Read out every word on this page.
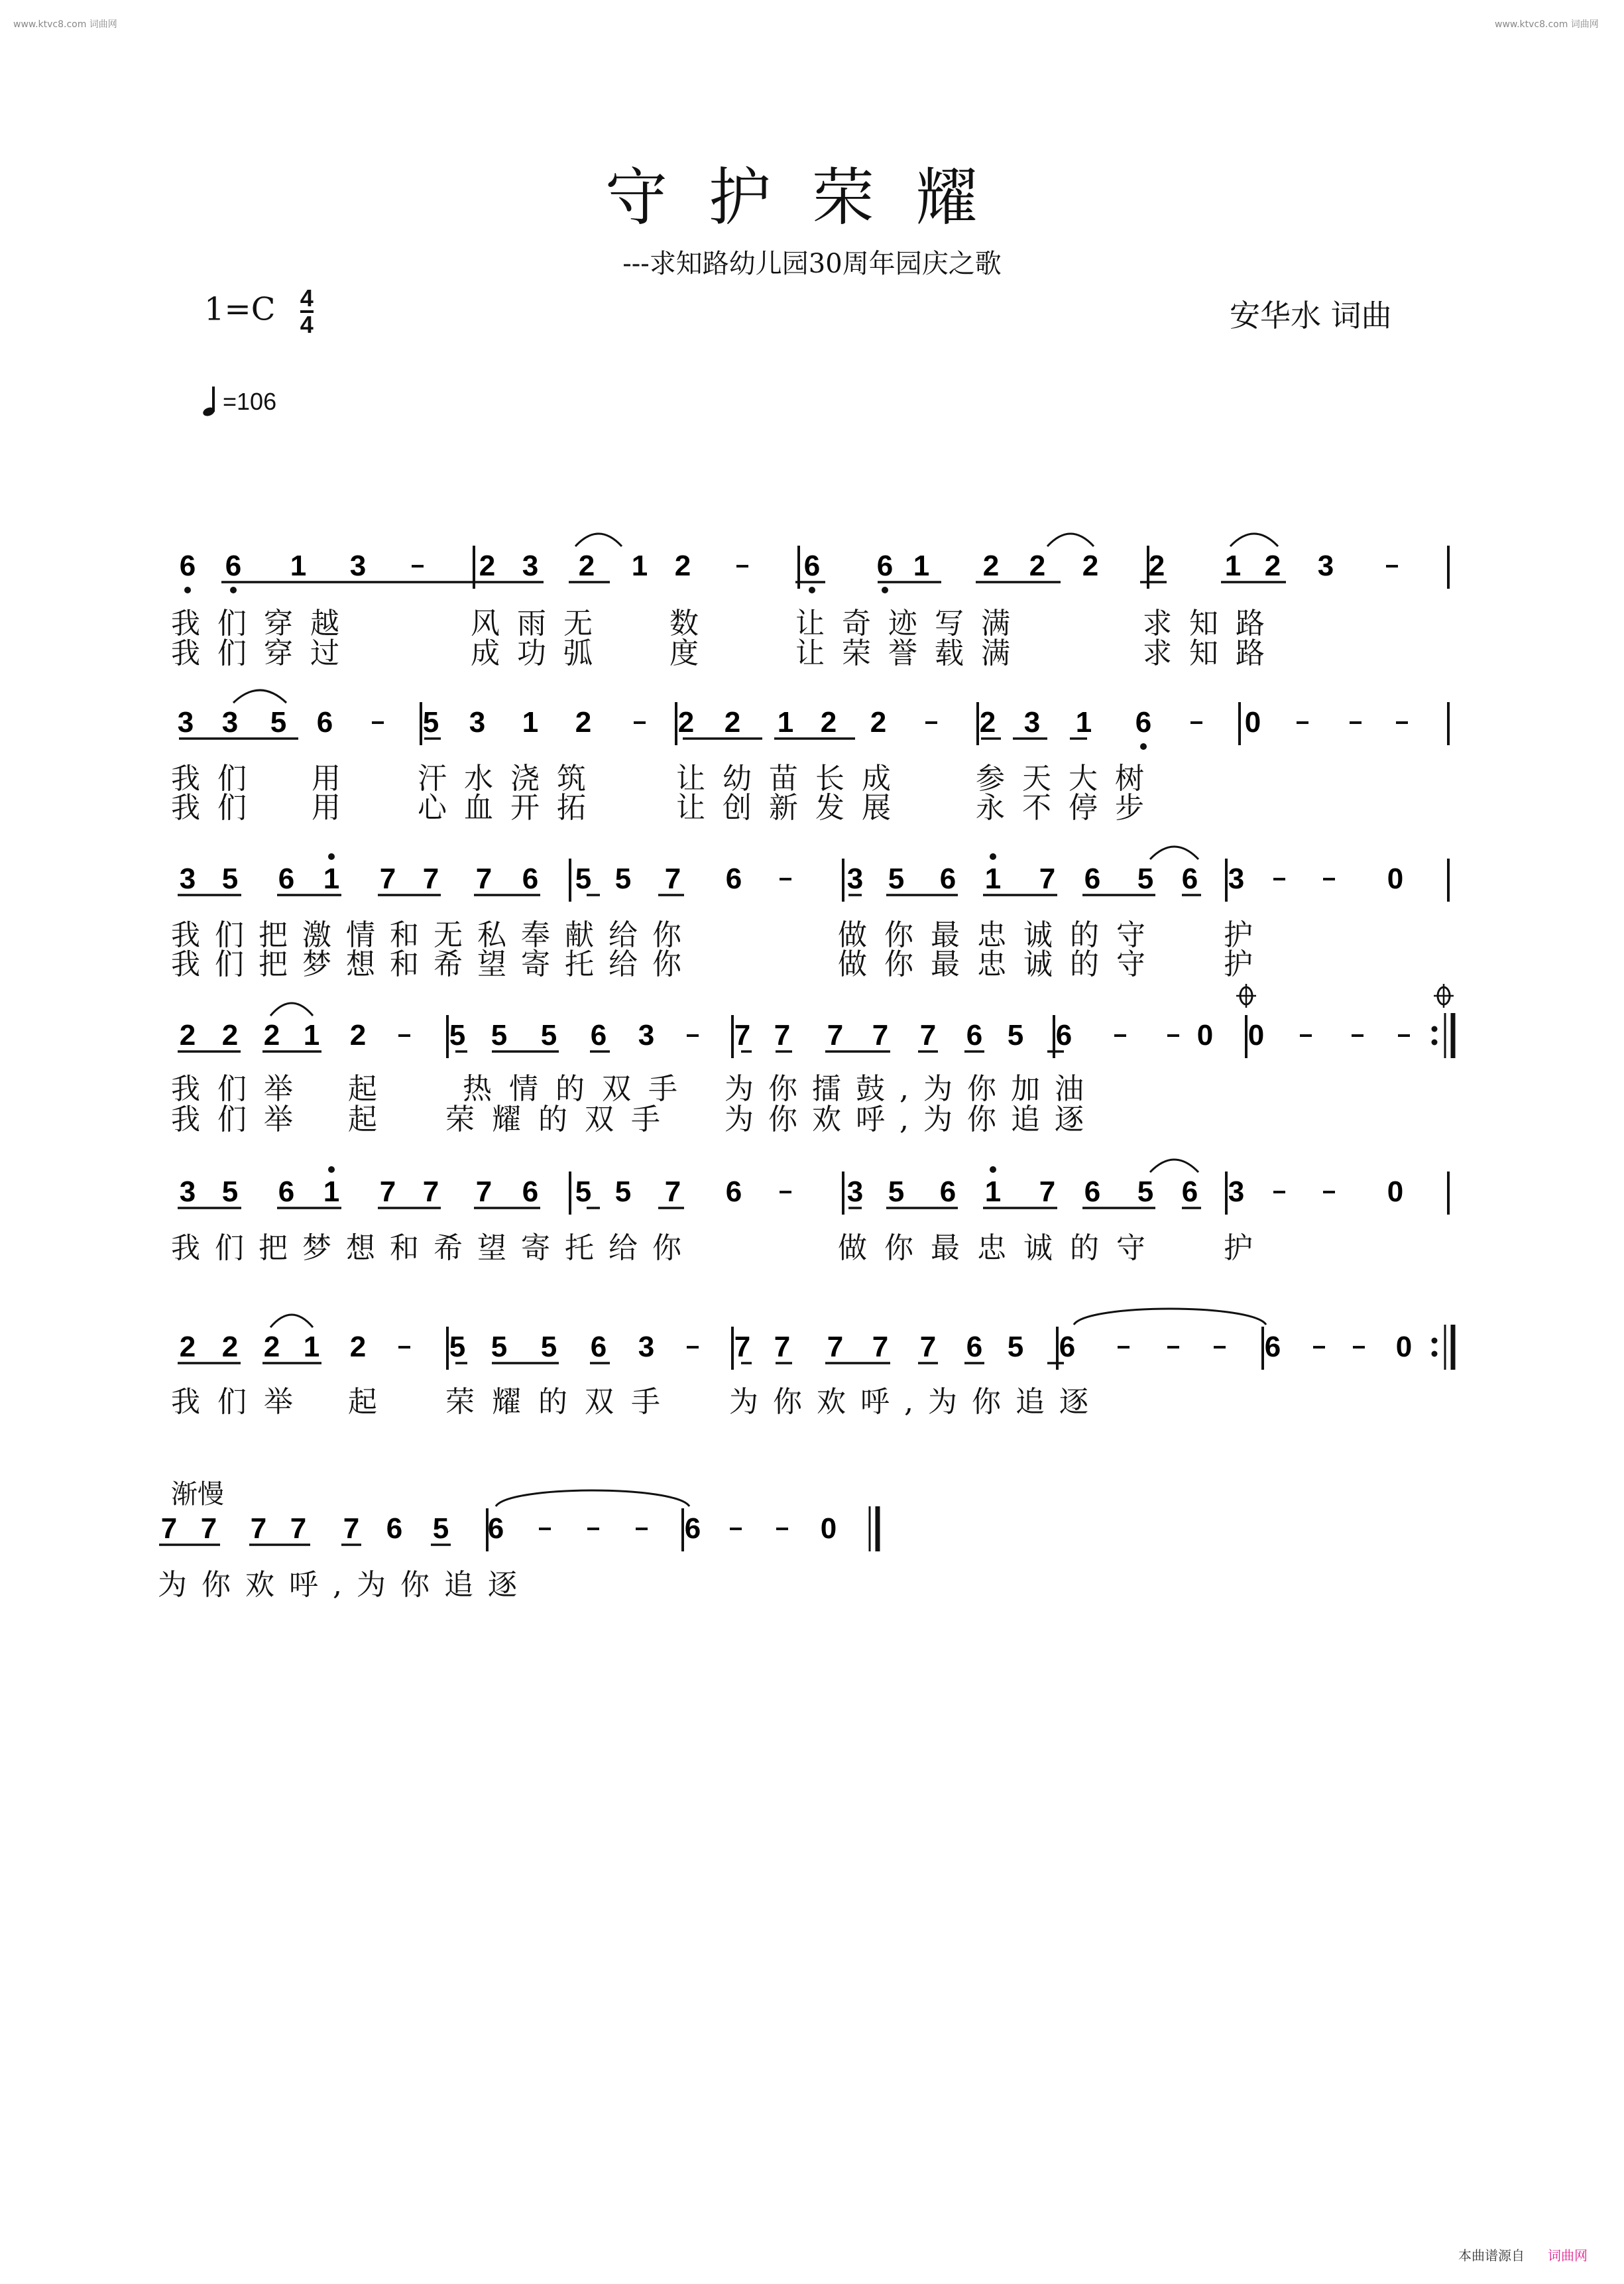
www.ktvc8.com 词曲网	www.ktvc8.com 词曲网
守护荣耀
---求知路幼儿园30周年园庆之歌
$1=C \frac{4}{4}$	安华水 词曲
=106
渐慢
6 6 1 3	2 3 2 1 2	6 6 1 2 2 2 2 1 2 3
3 3 5 6	5 3 1 2	2 2 1 2 2	2 3 1 6	0
3 5 6 1 7 7 7 6 5 5 7 6	3 5 6 1 7 6 5 6 3	0
2 2 2 1 2	5 5 5 6 3	7 7 7 7 7 6 5 6	0 0
3 5 6 1 7 7 7 6 5 5 7 6	3 5 6 1 7 6 5 6 3	0
2 2 2 1 2	5 5 5 6 3	7 7 7 7 7 6 5 6	6	0
7 7 7 7 7 6 5 6	6	0
我们穿越	风雨无 数	让奇迹写满	求知路
我们穿过	成功弧 度	让荣誉载满	求知路
我们 用 汗水浇筑	让幼苗长成 参天大树
我们 用 心血开拓	让创新发展 永不停步
我们把激情和无私奉献给你	做你最忠诚的守 护
我们把梦想和希望寄托给你	做你最忠诚的守 护
我们举 起 热情的双手 为你擂鼓,为你加油
我们举 起 荣耀的双手 为你欢呼,为你追逐
我们把梦想和希望寄托给你	做你最忠诚的守 护
我们举 起 荣耀的双手 为你欢呼,为你追逐
为你欢呼,为你追逐
本曲谱源自 词曲网
